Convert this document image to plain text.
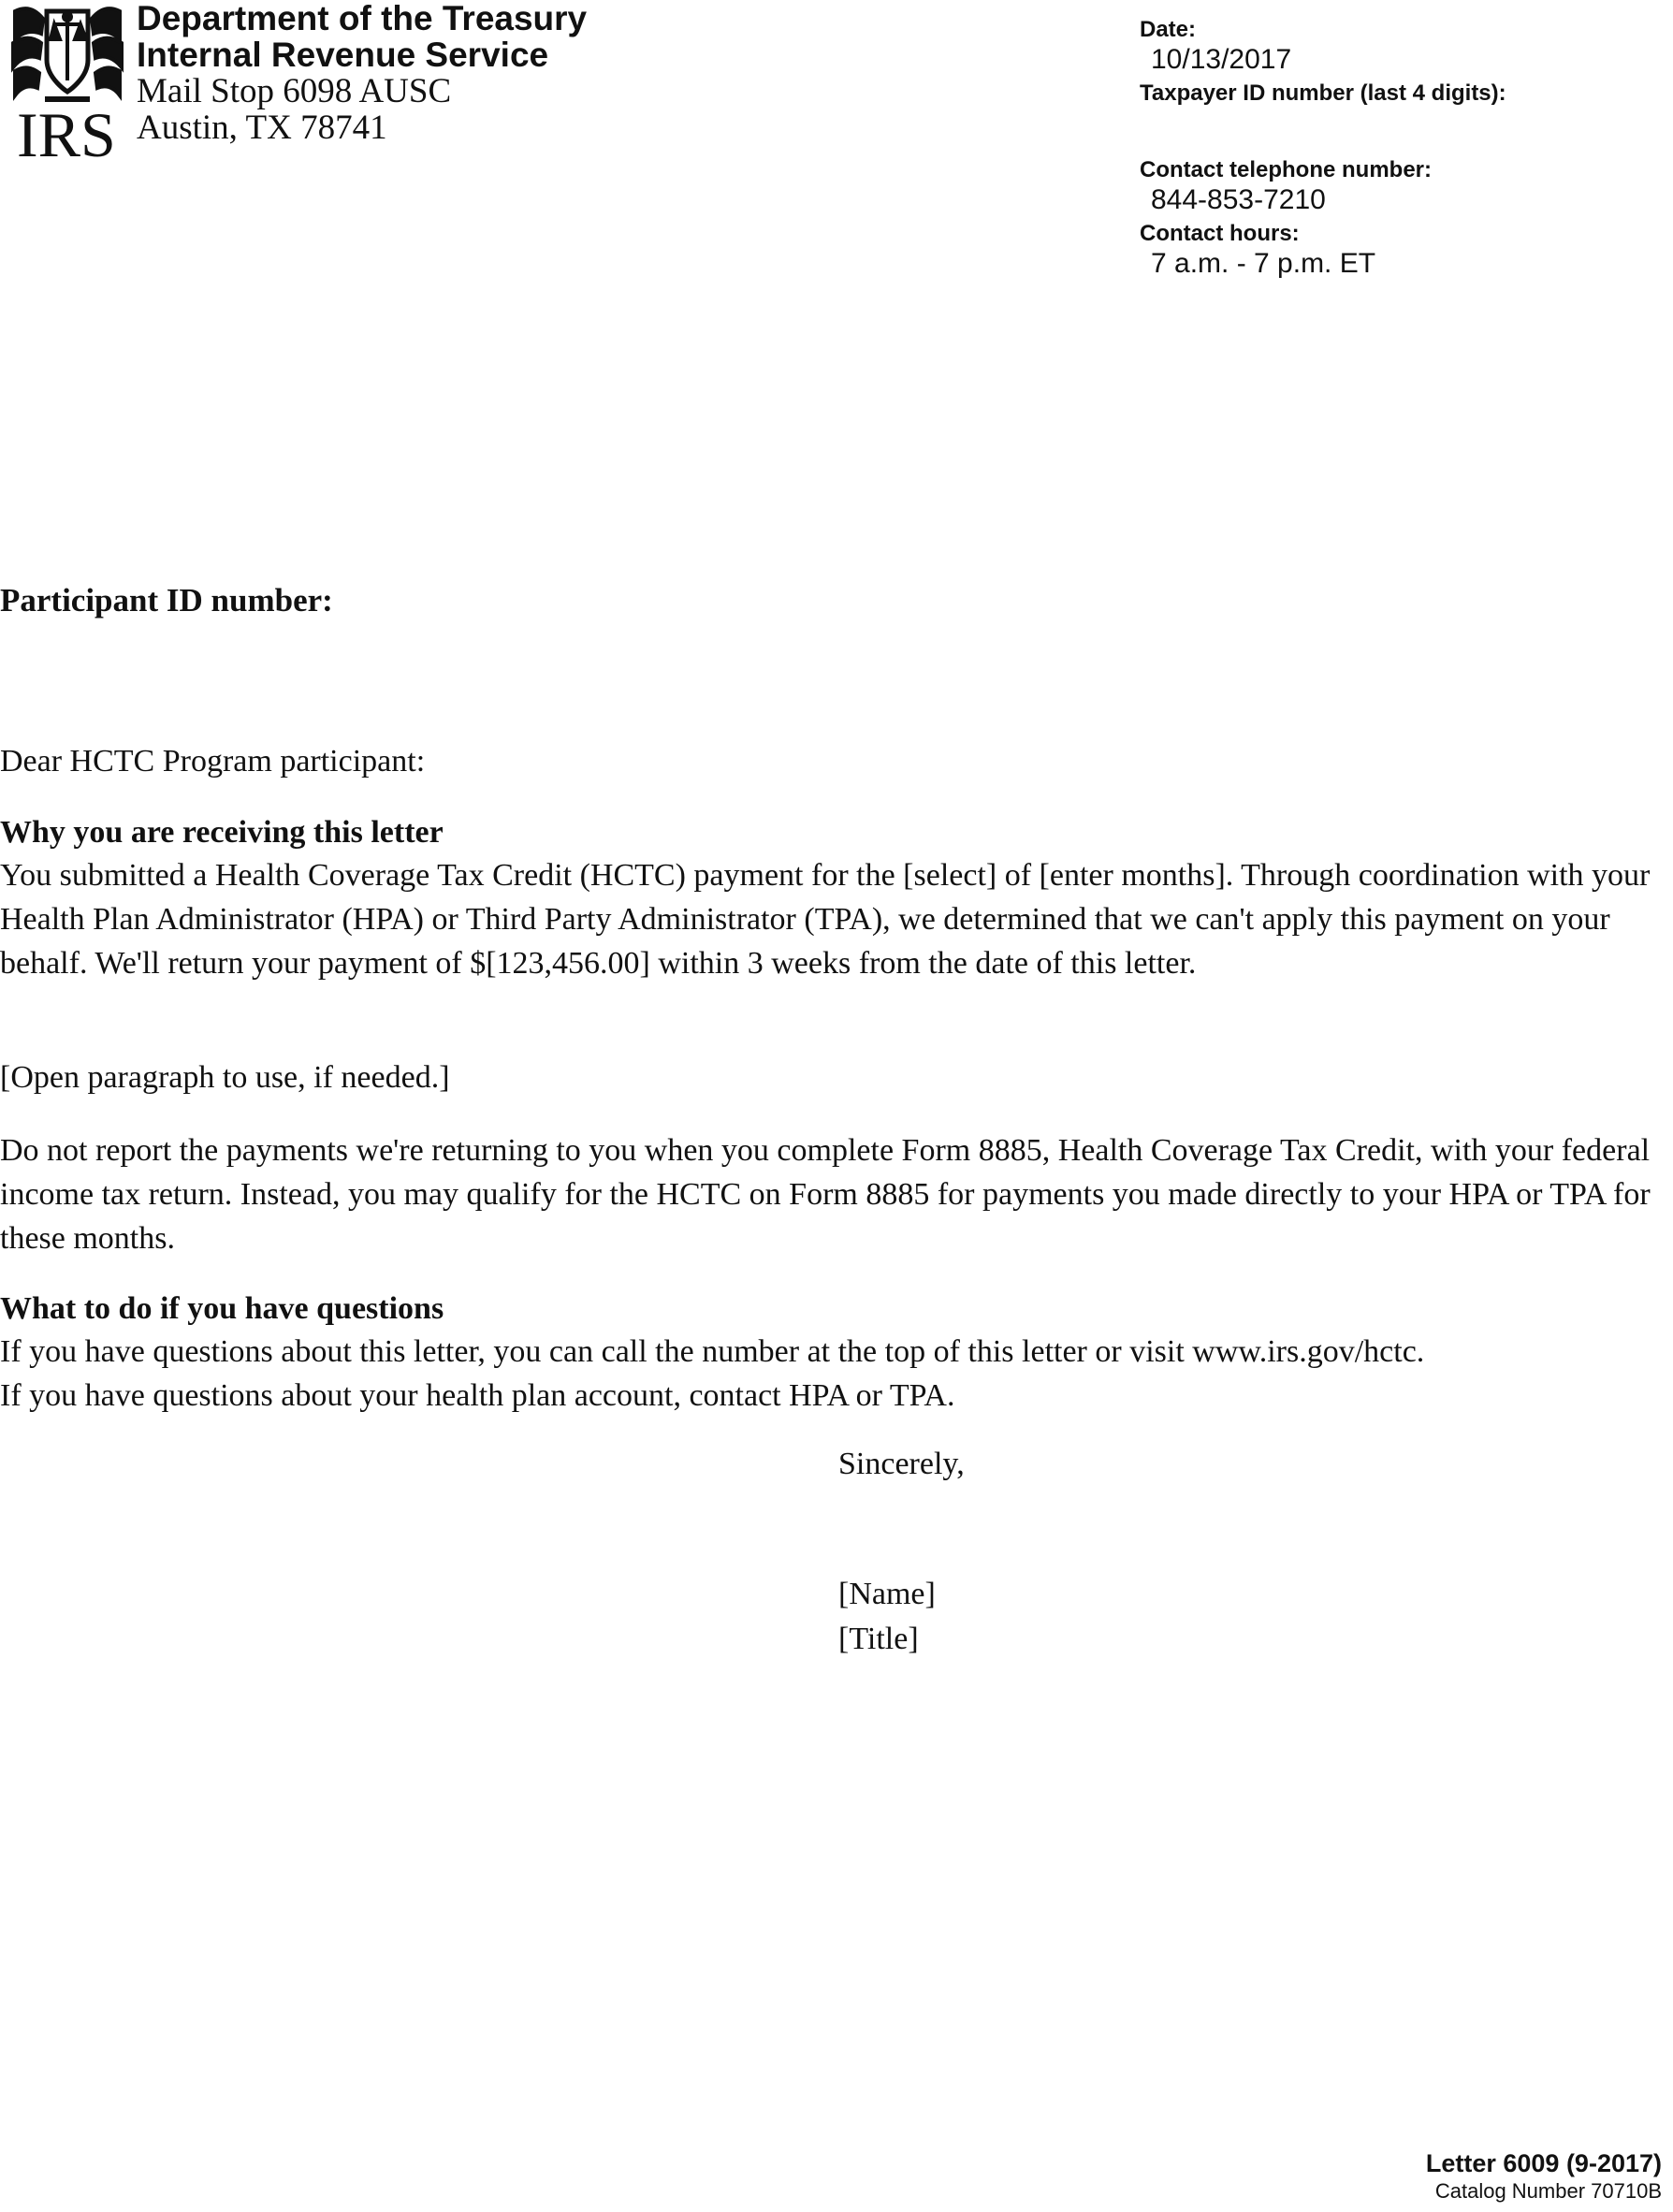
IRS
Department of the Treasury
Internal Revenue Service
Mail Stop 6098 AUSC
Austin, TX 78741
Date:
10/13/2017
Taxpayer ID number (last 4 digits):
Contact telephone number:
844-853-7210
Contact hours:
7 a.m. - 7 p.m. ET
Participant ID number:
Dear HCTC Program participant:
Why you are receiving this letter

You submitted a Health Coverage Tax Credit (HCTC) payment for the [select] of [enter months]. Through coordination with your Health Plan Administrator (HPA) or Third Party Administrator (TPA), we determined that we can't apply this payment on your behalf. We'll return your payment of $[123,456.00] within 3 weeks from the date of this letter.

[Open paragraph to use, if needed.]

Do not report the payments we're returning to you when you complete Form 8885, Health Coverage Tax Credit, with your federal income tax return. Instead, you may qualify for the HCTC on Form 8885 for payments you made directly to your HPA or TPA for these months.

What to do if you have questions
If you have questions about this letter, you can call the number at the top of this letter or visit www.irs.gov/hctc.
If you have questions about your health plan account, contact HPA or TPA.
Sincerely,
[Name]
[Title]
Letter 6009 (9-2017)
Catalog Number 70710B
